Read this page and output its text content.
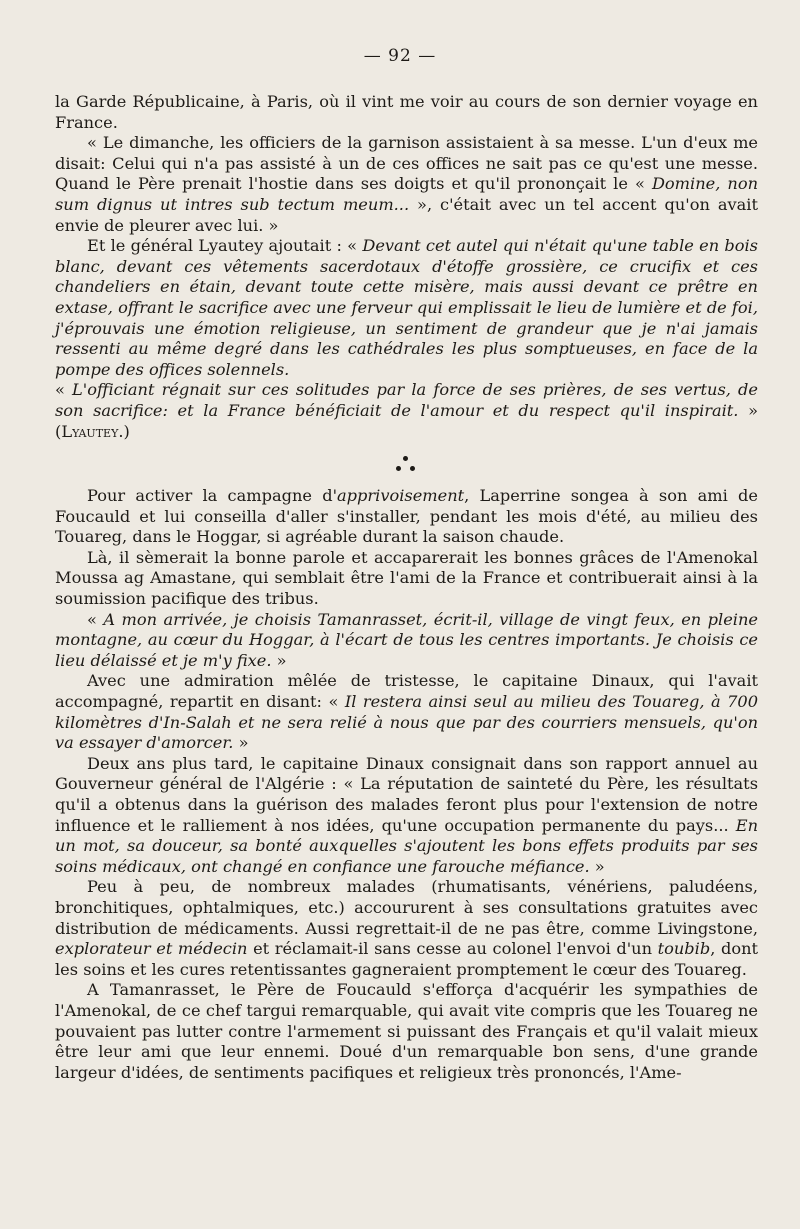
— 92 —

la Garde Républicaine, à Paris, où il vint me voir au cours de son dernier voyage en France.

« Le dimanche, les officiers de la garnison assistaient à sa messe. L'un d'eux me disait: Celui qui n'a pas assisté à un de ces offices ne sait pas ce qu'est une messe. Quand le Père prenait l'hostie dans ses doigts et qu'il prononçait le « Domine, non sum dignus ut intres sub tectum meum... », c'était avec un tel accent qu'on avait envie de pleurer avec lui. »

Et le général Lyautey ajoutait : « Devant cet autel qui n'était qu'une table en bois blanc, devant ces vêtements sacerdotaux d'étoffe grossière, ce crucifix et ces chandeliers en étain, devant toute cette misère, mais aussi devant ce prêtre en extase, offrant le sacrifice avec une ferveur qui emplissait le lieu de lumière et de foi, j'éprouvais une émotion religieuse, un sentiment de grandeur que je n'ai jamais ressenti au même degré dans les cathédrales les plus somptueuses, en face de la pompe des offices solennels.

« L'officiant régnait sur ces solitudes par la force de ses prières, de ses vertus, de son sacrifice: et la France bénéficiait de l'amour et du respect qu'il inspirait. » (Lyautey.)

Pour activer la campagne d'apprivoisement, Laperrine songea à son ami de Foucauld et lui conseilla d'aller s'installer, pendant les mois d'été, au milieu des Touareg, dans le Hoggar, si agréable durant la saison chaude.

Là, il sèmerait la bonne parole et accaparerait les bonnes grâces de l'Amenokal Moussa ag Amastane, qui semblait être l'ami de la France et contribuerait ainsi à la soumission pacifique des tribus.

« A mon arrivée, je choisis Tamanrasset, écrit-il, village de vingt feux, en pleine montagne, au cœur du Hoggar, à l'écart de tous les centres importants. Je choisis ce lieu délaissé et je m'y fixe. »

Avec une admiration mêlée de tristesse, le capitaine Dinaux, qui l'avait accompagné, repartit en disant: « Il restera ainsi seul au milieu des Touareg, à 700 kilomètres d'In-Salah et ne sera relié à nous que par des courriers mensuels, qu'on va essayer d'amorcer. »

Deux ans plus tard, le capitaine Dinaux consignait dans son rapport annuel au Gouverneur général de l'Algérie : « La réputation de sainteté du Père, les résultats qu'il a obtenus dans la guérison des malades feront plus pour l'extension de notre influence et le ralliement à nos idées, qu'une occupation permanente du pays... En un mot, sa douceur, sa bonté auxquelles s'ajoutent les bons effets produits par ses soins médicaux, ont changé en confiance une farouche méfiance. »

Peu à peu, de nombreux malades (rhumatisants, vénériens, paludéens, bronchitiques, ophtalmiques, etc.) accoururent à ses consultations gratuites avec distribution de médicaments. Aussi regrettait-il de ne pas être, comme Livingstone, explorateur et médecin et réclamait-il sans cesse au colonel l'envoi d'un toubib, dont les soins et les cures retentissantes gagneraient promptement le cœur des Touareg.

A Tamanrasset, le Père de Foucauld s'efforça d'acquérir les sympathies de l'Amenokal, de ce chef targui remarquable, qui avait vite compris que les Touareg ne pouvaient pas lutter contre l'armement si puissant des Français et qu'il valait mieux être leur ami que leur ennemi. Doué d'un remarquable bon sens, d'une grande largeur d'idées, de sentiments pacifiques et religieux très prononcés, l'Ame-
